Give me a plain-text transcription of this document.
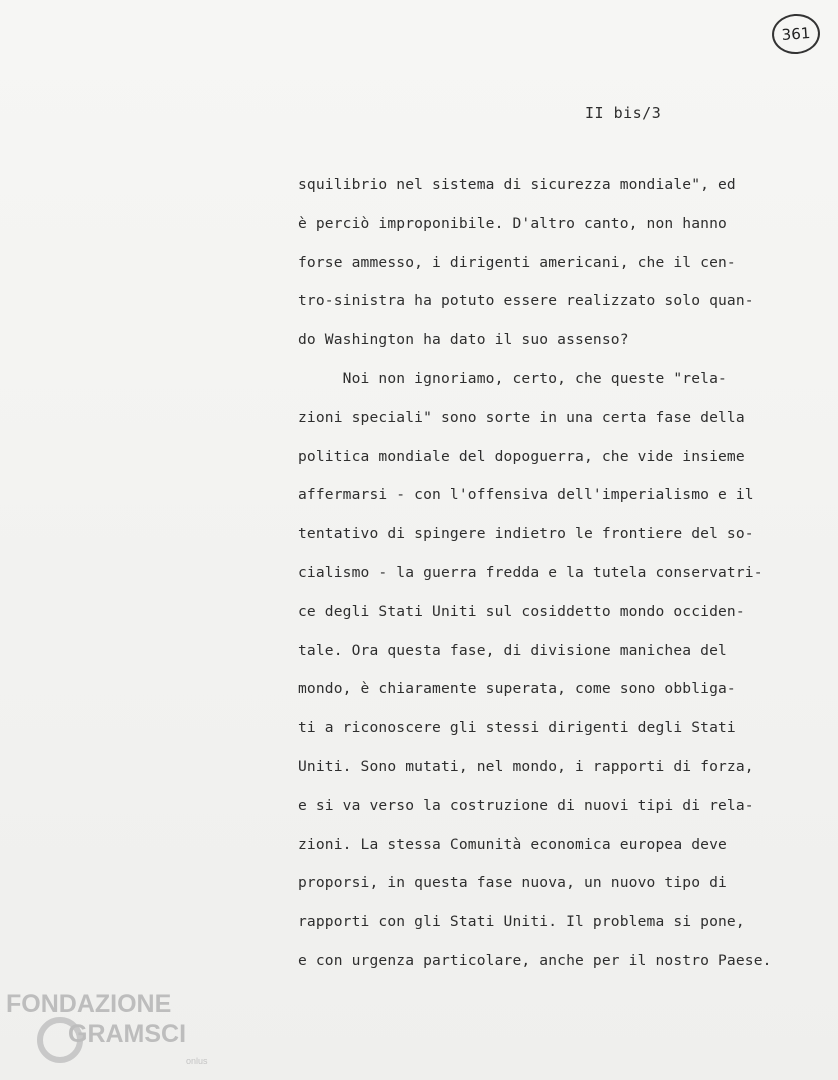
361
II bis/3
squilibrio nel sistema di sicurezza mondiale", ed
è perciò improponibile. D'altro canto, non hanno
forse ammesso, i dirigenti americani, che il cen-
tro-sinistra ha potuto essere realizzato solo quan-
do Washington ha dato il suo assenso?
Noi non ignoriamo, certo, che queste "rela-
zioni speciali" sono sorte in una certa fase della
politica mondiale del dopoguerra, che vide insieme
affermarsi - con l'offensiva dell'imperialismo e il
tentativo di spingere indietro le frontiere del so-
cialismo - la guerra fredda e la tutela conservatri-
ce degli Stati Uniti sul cosiddetto mondo occiden-
tale. Ora questa fase, di divisione manichea del
mondo, è chiaramente superata, come sono obbliga-
ti a riconoscere gli stessi dirigenti degli Stati
Uniti. Sono mutati, nel mondo, i rapporti di forza,
e si va verso la costruzione di nuovi tipi di rela-
zioni. La stessa Comunità economica europea deve
proporsi, in questa fase nuova, un nuovo tipo di
rapporti con gli Stati Uniti. Il problema si pone,
e con urgenza particolare, anche per il nostro Paese.
FONDAZIONE
GRAMSCI
onlus
